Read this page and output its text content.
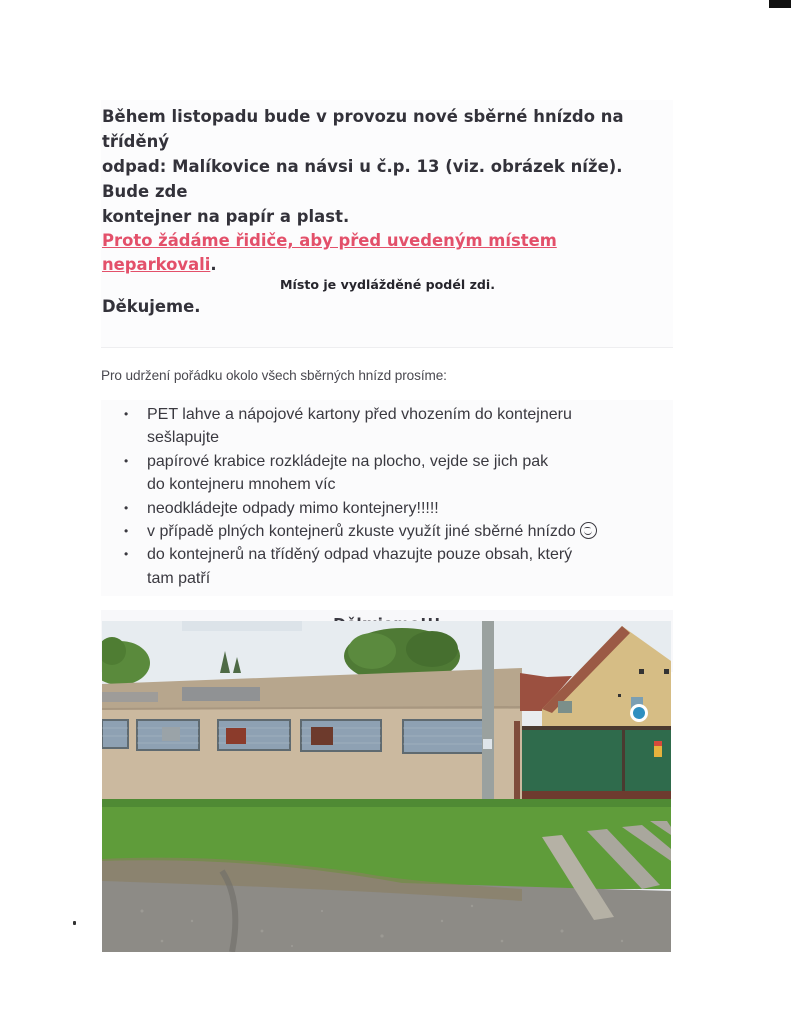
Během listopadu bude v provozu nové sběrné hnízdo na tříděný
odpad: Malíkovice na návsi u č.p. 13 (viz. obrázek níže). Bude zde
kontejner na papír a plast.
Proto žádáme řidiče, aby před uvedeným místem neparkovali.
Místo je vydlážděné podél zdi.
Děkujeme.
Pro udržení pořádku okolo všech sběrných hnízd prosíme:
•	PET lahve a nápojové kartony před vhozením do kontejneru
sešlapujte
•	papírové krabice rozkládejte na plocho, vejde se jich pak
do kontejneru mnohem víc
•	neodkládejte odpady mimo kontejnery!!!!!
•	v případě plných kontejnerů zkuste využít jiné sběrné hnízdo
•	do kontejnerů na tříděný odpad vhazujte pouze obsah, který
tam patří
